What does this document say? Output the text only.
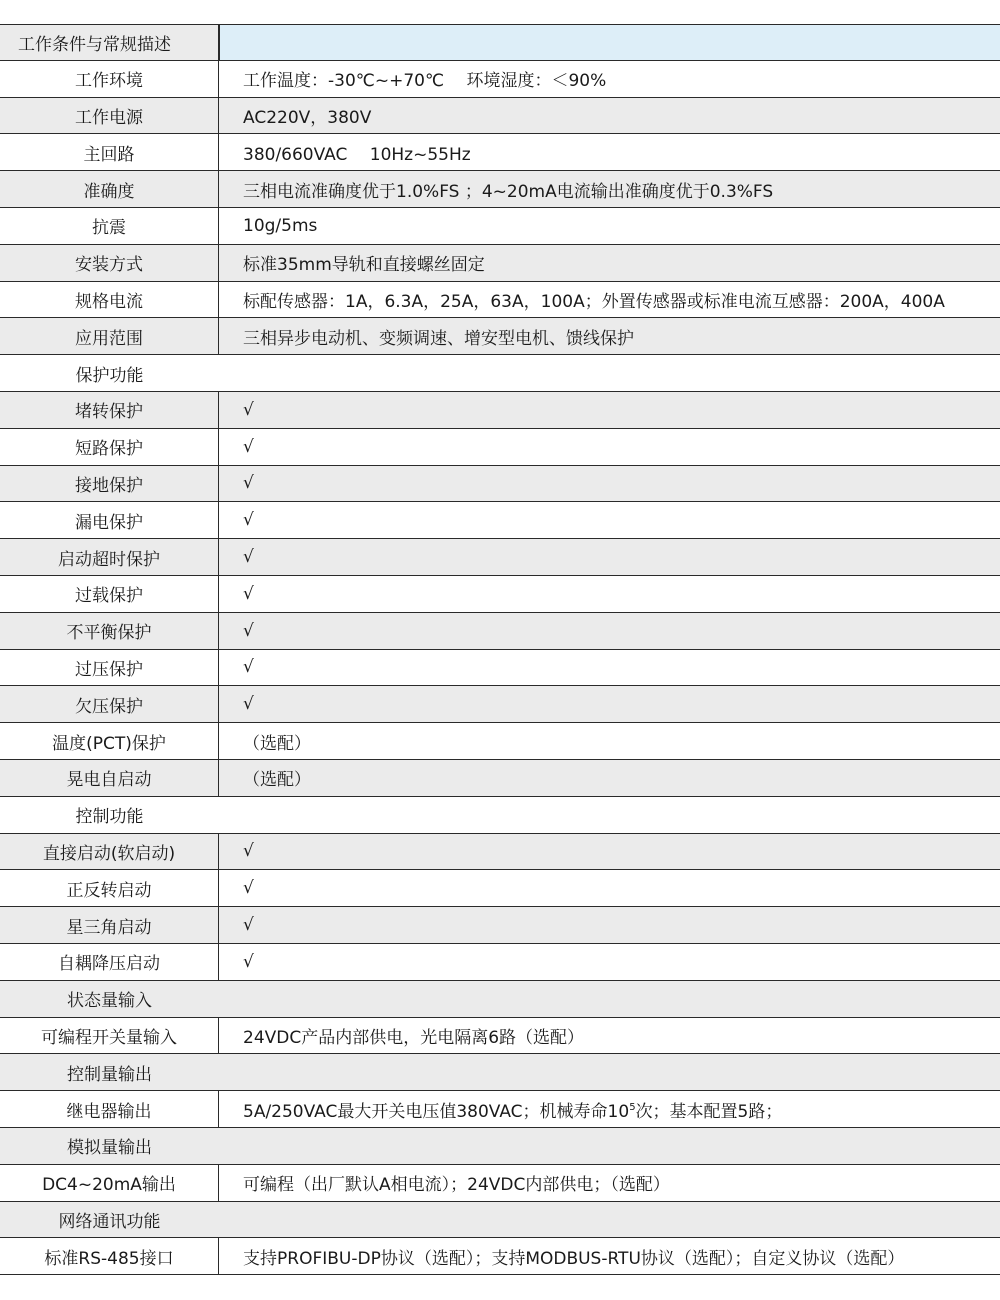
工作条件与常规描述
工作环境	工作温度：-30℃~+70℃　 环境湿度：＜90%
工作电源	AC220V，380V
主回路	380/660VAC　 10Hz~55Hz
准确度	三相电流准确度优于1.0%FS ；4~20mA电流输出准确度优于0.3%FS
抗震	10g/5ms
安装方式	标准35mm导轨和直接螺丝固定
规格电流	标配传感器：1A，6.3A，25A，63A，100A；外置传感器或标准电流互感器：200A，400A
应用范围	三相异步电动机、变频调速、增安型电机、馈线保护
保护功能
堵转保护	√
短路保护	√
接地保护	√
漏电保护	√
启动超时保护	√
过载保护	√
不平衡保护	√
过压保护	√
欠压保护	√
温度(PCT)保护	（选配）
晃电自启动	（选配）
控制功能
直接启动(软启动)	√
正反转启动	√
星三角启动	√
自耦降压启动	√
状态量输入
可编程开关量输入	24VDC产品内部供电，光电隔离6路（选配）
控制量输出
继电器输出	5A/250VAC最大开关电压值380VAC；机械寿命$10^5$ 次；基本配置5路；
模拟量输出
DC4~20mA输出	可编程（出厂默认A相电流）；24VDC内部供电；（选配）
网络通讯功能
标准RS-485接口	支持PROFIBU-DP协议（选配）；支持MODBUS-RTU协议（选配）；自定义协议（选配）
